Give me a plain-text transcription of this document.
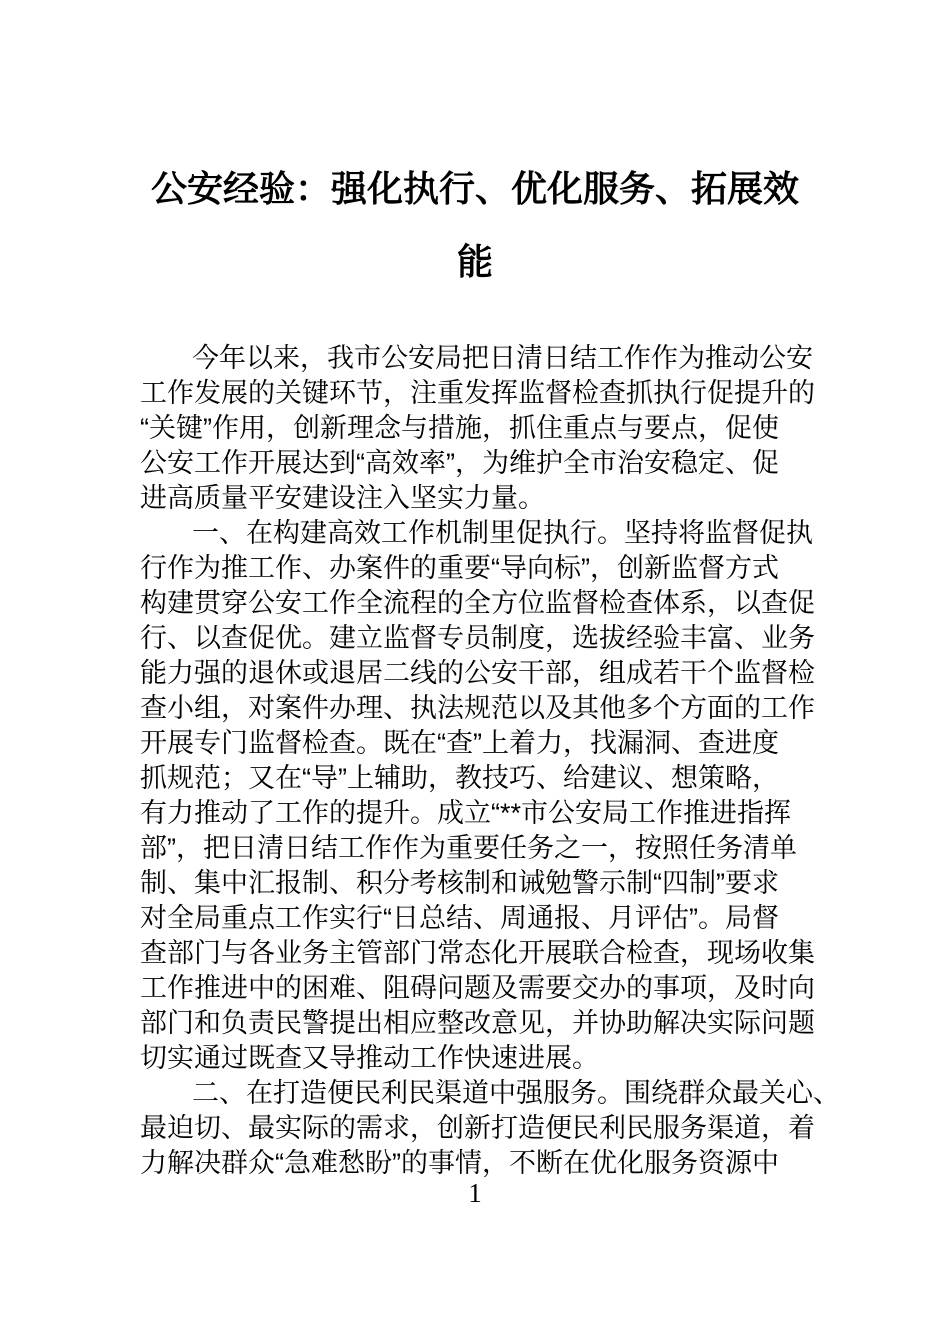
公安经验：强化执行、优化服务、拓展效
能
今年以来，我市公安局把日清日结工作作为推动公安
工作发展的关键环节，注重发挥监督检查抓执行促提升的
“关键”作用，创新理念与措施，抓住重点与要点，促使
公安工作开展达到“高效率”，为维护全市治安稳定、促
进高质量平安建设注入坚实力量。
一、在构建高效工作机制里促执行。坚持将监督促执
行作为推工作、办案件的重要“导向标”，创新监督方式
构建贯穿公安工作全流程的全方位监督检查体系，以查促
行、以查促优。建立监督专员制度，选拔经验丰富、业务
能力强的退休或退居二线的公安干部，组成若干个监督检
查小组，对案件办理、执法规范以及其他多个方面的工作
开展专门监督检查。既在“查”上着力，找漏洞、查进度
抓规范；又在“导”上辅助，教技巧、给建议、想策略，
有力推动了工作的提升。成立“**市公安局工作推进指挥
部”，把日清日结工作作为重要任务之一，按照任务清单
制、集中汇报制、积分考核制和诫勉警示制“四制”要求
对全局重点工作实行“日总结、周通报、月评估”。局督
查部门与各业务主管部门常态化开展联合检查，现场收集
工作推进中的困难、阻碍问题及需要交办的事项，及时向
部门和负责民警提出相应整改意见，并协助解决实际问题
切实通过既查又导推动工作快速进展。
二、在打造便民利民渠道中强服务。围绕群众最关心、
最迫切、最实际的需求，创新打造便民利民服务渠道，着
力解决群众“急难愁盼”的事情，不断在优化服务资源中
1
